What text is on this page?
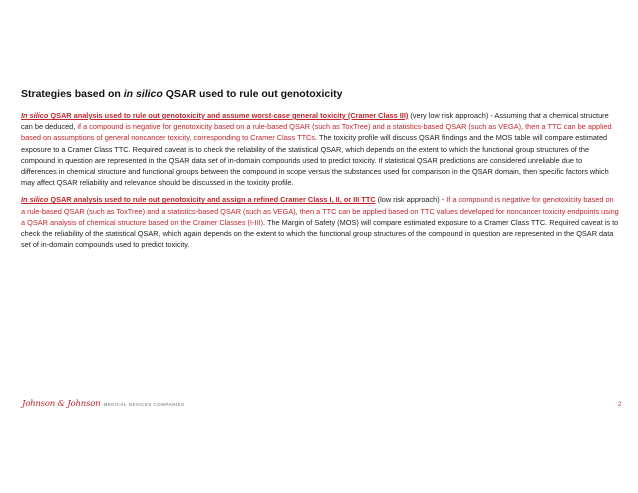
Strategies based on in silico QSAR used to rule out genotoxicity

In silico QSAR analysis used to rule out genotoxicity and assume worst-case general toxicity (Cramer Class III) (very low risk approach) - Assuming that a chemical structure can be deduced, if a compound is negative for genotoxicity based on a rule-based QSAR (such as ToxTree) and a statistics-based QSAR (such as VEGA), then a TTC can be applied based on assumptions of general noncancer toxicity, corresponding to Cramer Class TTCs. The toxicity profile will discuss QSAR findings and the MOS table will compare estimated exposure to a Cramer Class TTC. Required caveat is to check the reliability of the statistical QSAR, which depends on the extent to which the functional group structures of the compound in question are represented in the QSAR data set of in-domain compounds used to predict toxicity. If statistical QSAR predictions are considered unreliable due to differences in chemical structure and functional groups between the compound in scope versus the substances used for comparison in the QSAR domain, then specific factors which may affect QSAR reliability and relevance should be discussed in the toxicity profile.

In silico QSAR analysis used to rule out genotoxicity and assign a refined Cramer Class I, II, or III TTC (low risk approach) - If a compound is negative for genotoxicity based on a rule-based QSAR (such as ToxTree) and a statistics-based QSAR (such as VEGA), then a TTC can be applied based on TTC values developed for noncancer toxicity endpoints using a QSAR analysis of chemical structure based on the Cramer Classes (I-III). The Margin of Safety (MOS) will compare estimated exposure to a Cramer Class TTC. Required caveat is to check the reliability of the statistical QSAR, which again depends on the extent to which the functional group structures of the compound in question are represented in the QSAR data set of in-domain compounds used to predict toxicity.

Johnson & Johnson MEDICAL DEVICES COMPANIES	2
